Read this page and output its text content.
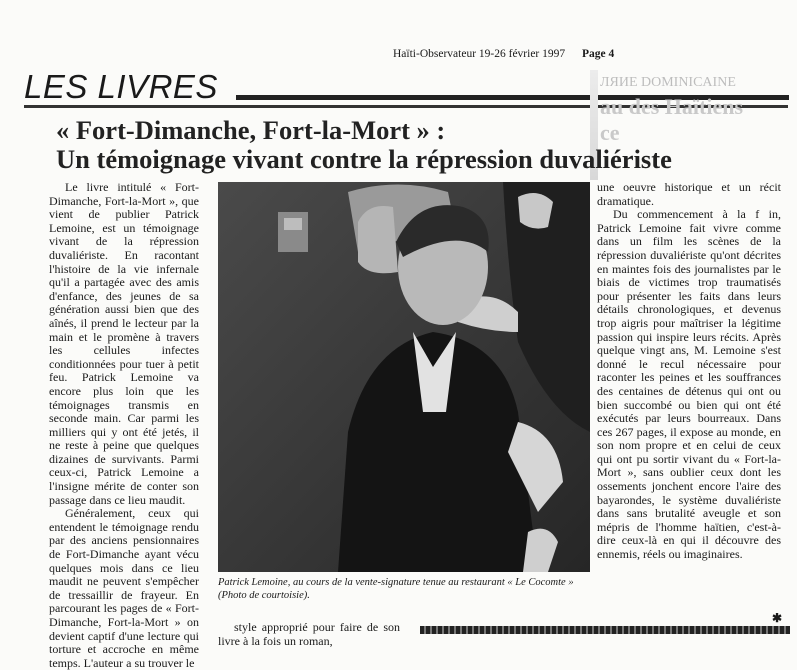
Haïti-Observateur 19-26 février 1997 Page 4
LES LIVRES	ЛЯИЕ DOMINICAINE
au des Haïtiens
ce
« Fort-Dimanche, Fort-la-Mort » :
Un témoignage vivant contre la répression duvaliériste

Le livre intitulé « Fort-Dimanche, Fort-la-Mort », que vient de publier Patrick Lemoine, est un témoignage vivant de la répression duvaliériste. En racontant l'histoire de la vie infernale qu'il a partagée avec des amis d'enfance, des jeunes de sa génération aussi bien que des aînés, il prend le lecteur par la main et le promène à travers les cellules infectes conditionnées pour tuer à petit feu. Patrick Lemoine va encore plus loin que les témoignages transmis en seconde main. Car parmi les milliers qui y ont été jetés, il ne reste à peine que quelques dizaines de survivants. Parmi ceux-ci, Patrick Lemoine a l'insigne mérite de conter son passage dans ce lieu maudit.

Généralement, ceux qui entendent le témoignage rendu par des anciens pensionnaires de Fort-Dimanche ayant vécu quelques mois dans ce lieu maudit ne peuvent s'empêcher de tressaillir de frayeur. En parcourant les pages de « Fort-Dimanche, Fort-la-Mort » on devient captif d'une lecture qui torture et accroche en même temps. L'auteur a su trouver le

Patrick Lemoine, au cours de la vente-signature tenue au restaurant « Le Cocomte » (Photo de courtoisie).

style approprié pour faire de son livre à la fois un roman,

une oeuvre historique et un récit dramatique.

Du commencement à la f in, Patrick Lemoine fait vivre comme dans un film les scènes de la répression duvaliériste qu'ont décrites en maintes fois des journalistes par le biais de victimes trop traumatisés pour présenter les faits dans leurs détails chronologiques, et devenus trop aigris pour maîtriser la légitime passion qui inspire leurs récits. Après quelque vingt ans, M. Lemoine s'est donné le recul nécessaire pour raconter les peines et les souffrances des centaines de détenus qui ont ou bien succombé ou bien qui ont été exécutés par leurs bourreaux. Dans ces 267 pages, il expose au monde, en son nom propre et en celui de ceux qui ont pu sortir vivant du « Fort-la-Mort », sans oublier ceux dont les ossements jonchent encore l'aire des bayarondes, le système duvaliériste dans sans brutalité aveugle et son mépris de l'homme haïtien, c'est-à-dire ceux-là en qui il découvre des ennemis, réels ou imaginaires.

✱
